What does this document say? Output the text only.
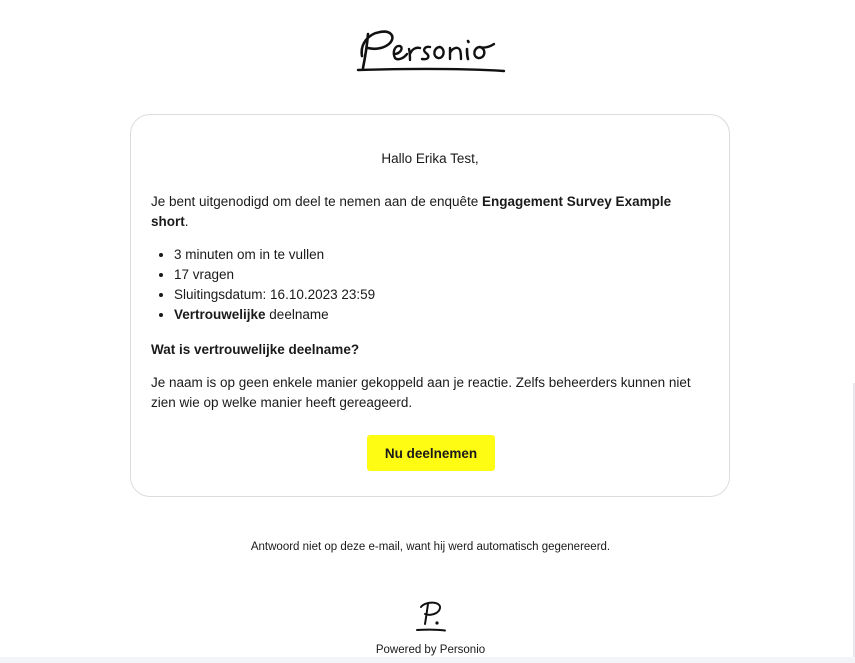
Hallo Erika Test,
Je bent uitgenodigd om deel te nemen aan de enquête Engagement Survey Example short.
• 3 minuten om in te vullen
• 17 vragen
• Sluitingsdatum: 16.10.2023 23:59
• Vertrouwelijke deelname
Wat is vertrouwelijke deelname?
Je naam is op geen enkele manier gekoppeld aan je reactie. Zelfs beheerders kunnen niet zien wie op welke manier heeft gereageerd.
Nu deelnemen
Antwoord niet op deze e-mail, want hij werd automatisch gegenereerd.
Powered by Personio
